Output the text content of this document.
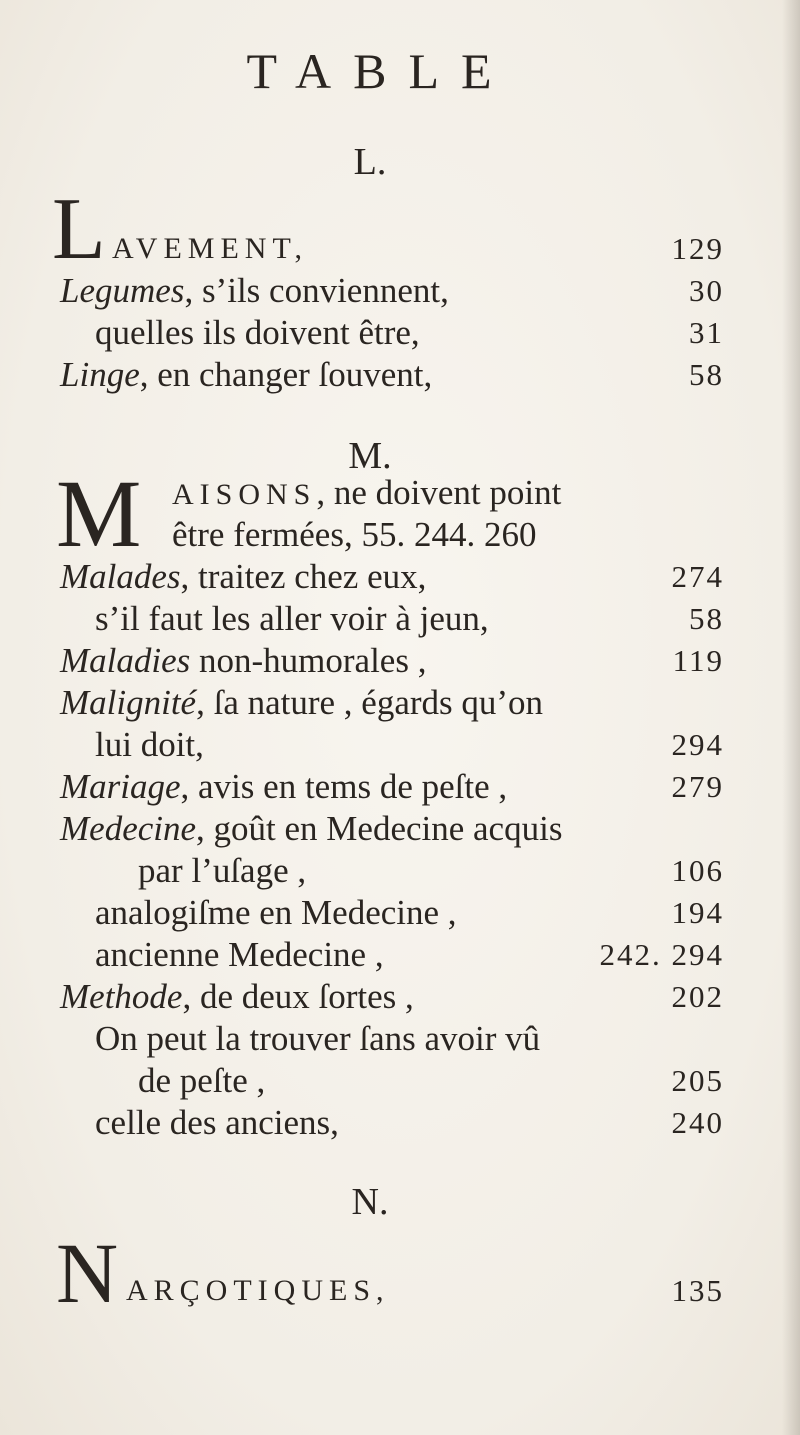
TABLE
L.
L AVEMENT,	129
Legumes, s’ils conviennent,	30
quelles ils doivent être,	31
Linge, en changer ſouvent,	58
M.
M AISONS, ne doivent point
être fermées, 55. 244. 260
Malades, traitez chez eux,	274
s’il faut les aller voir à jeun,	58
Maladies non-humorales ,	119
Malignité, ſa nature , égards qu’on
lui doit,	294
Mariage, avis en tems de peſte ,	279
Medecine, goût en Medecine acquis
par l’uſage ,	106
analogiſme en Medecine ,	194
ancienne Medecine ,	242. 294
Methode, de deux ſortes ,	202
On peut la trouver ſans avoir vû
de peſte ,	205
celle des anciens,	240
N.
N ARÇOTIQUES,	135
